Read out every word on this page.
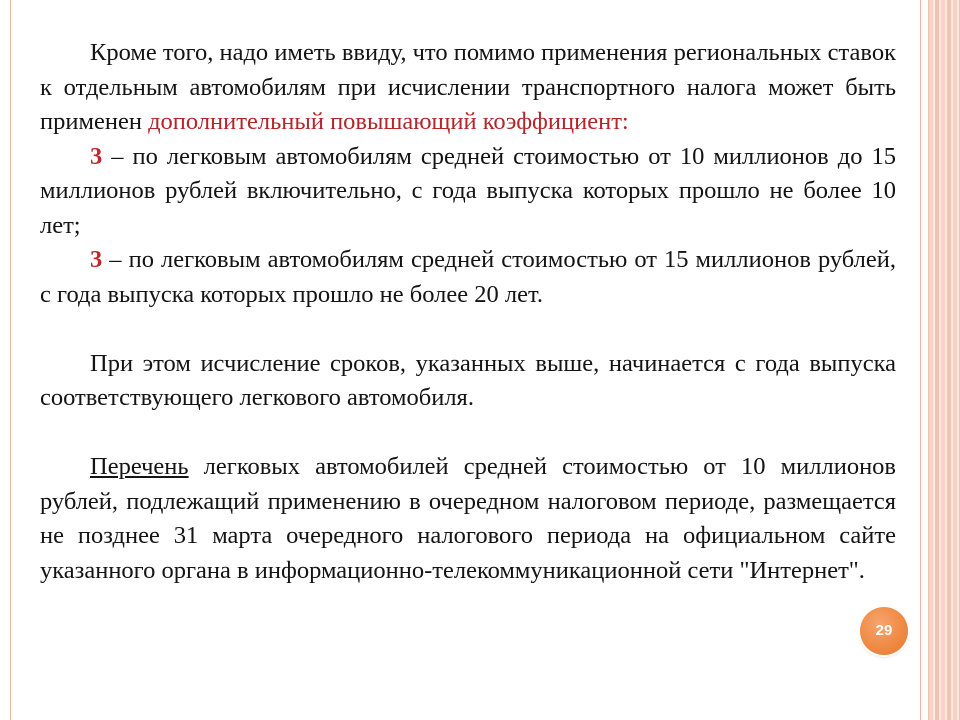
Кроме того, надо иметь ввиду, что помимо применения региональных ставок к отдельным автомобилям при исчислении транспортного налога может быть применен дополнительный повышающий коэффициент:

3 – по легковым автомобилям средней стоимостью от 10 миллионов до 15 миллионов рублей включительно, с года выпуска которых прошло не более 10 лет;

3 – по легковым автомобилям средней стоимостью от 15 миллионов рублей, с года выпуска которых прошло не более 20 лет.

При этом исчисление сроков, указанных выше, начинается с года выпуска соответствующего легкового автомобиля.

Перечень легковых автомобилей средней стоимостью от 10 миллионов рублей, подлежащий применению в очередном налоговом периоде, размещается не позднее 31 марта очередного налогового периода на официальном сайте указанного органа в информационно-телекоммуникационной сети "Интернет".

29
